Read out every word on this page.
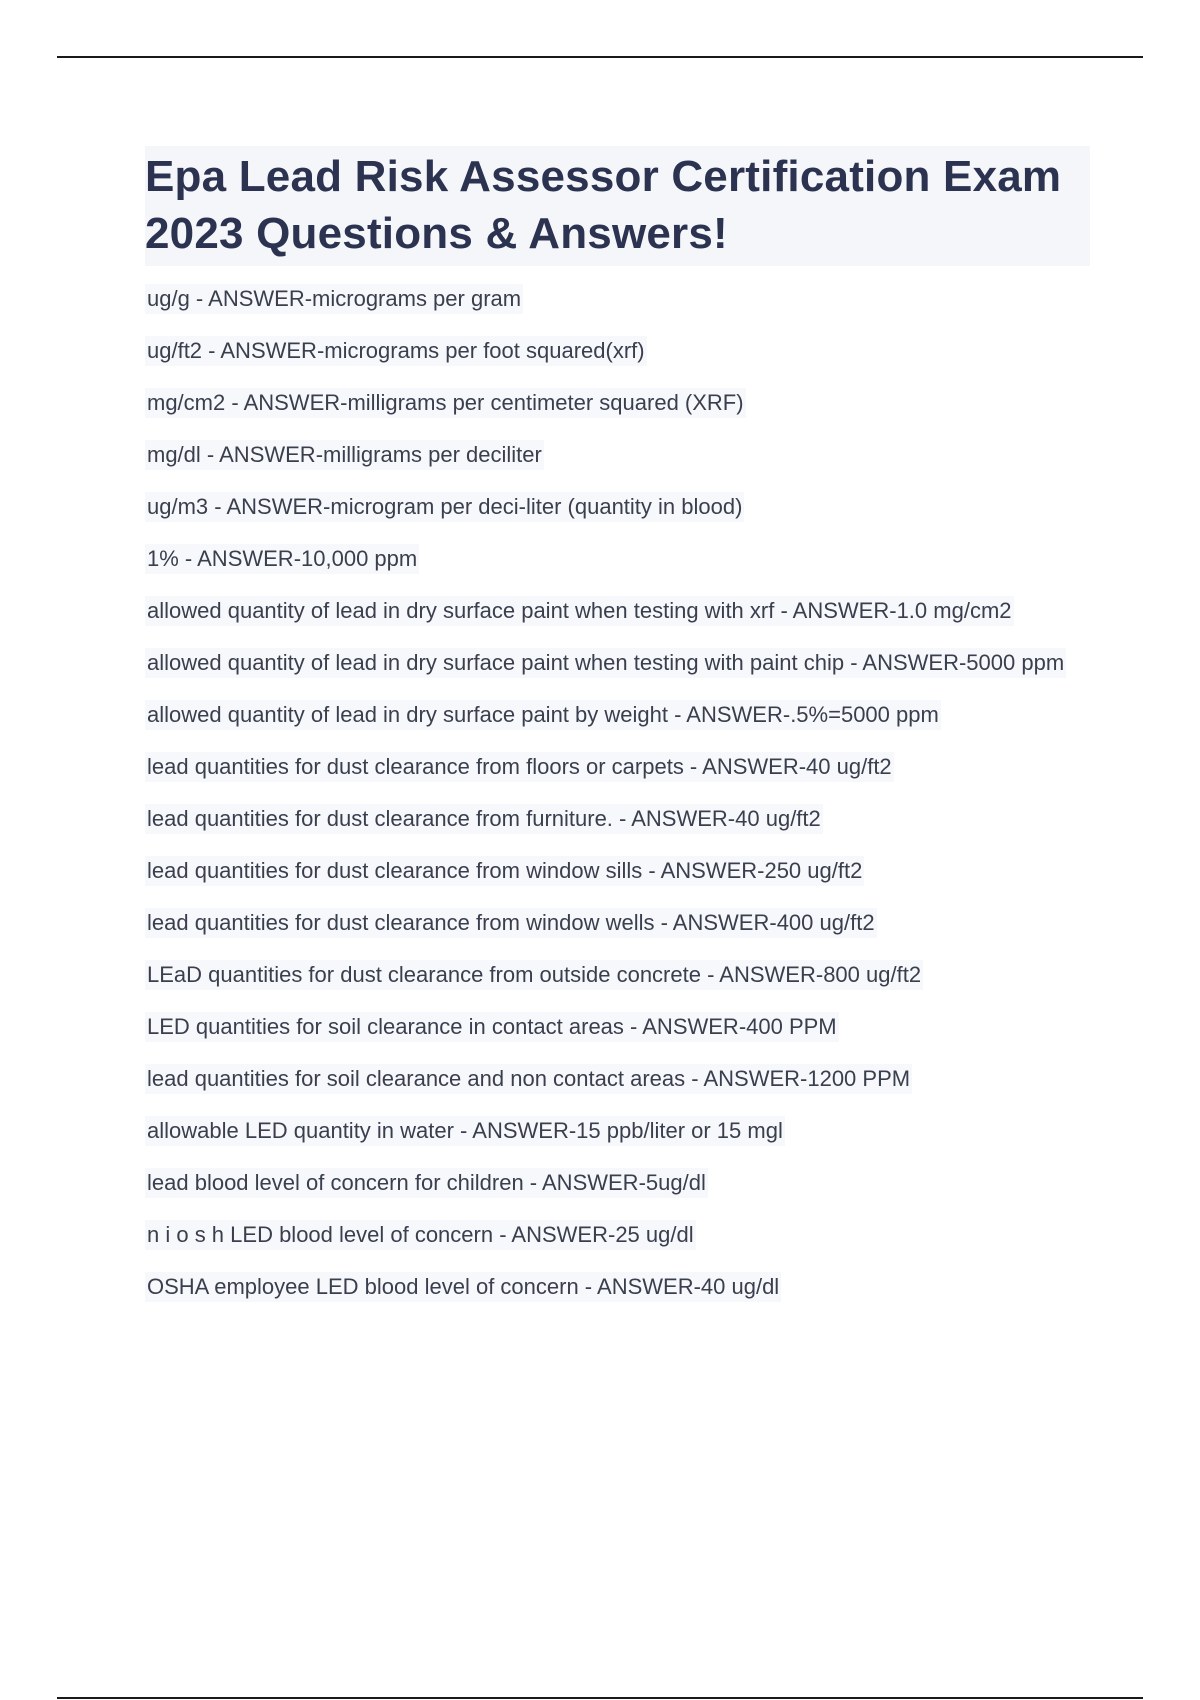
Epa Lead Risk Assessor Certification Exam 2023 Questions & Answers!
ug/g - ANSWER-micrograms per gram
ug/ft2 - ANSWER-micrograms per foot squared(xrf)
mg/cm2 - ANSWER-milligrams per centimeter squared (XRF)
mg/dl - ANSWER-milligrams per deciliter
ug/m3 - ANSWER-microgram per deci-liter (quantity in blood)
1% - ANSWER-10,000 ppm
allowed quantity of lead in dry surface paint when testing with xrf - ANSWER-1.0 mg/cm2
allowed quantity of lead in dry surface paint when testing with paint chip - ANSWER-5000 ppm
allowed quantity of lead in dry surface paint by weight - ANSWER-.5%=5000 ppm
lead quantities for dust clearance from floors or carpets - ANSWER-40 ug/ft2
lead quantities for dust clearance from furniture. - ANSWER-40 ug/ft2
lead quantities for dust clearance from window sills - ANSWER-250 ug/ft2
lead quantities for dust clearance from window wells - ANSWER-400 ug/ft2
LEaD quantities for dust clearance from outside concrete - ANSWER-800 ug/ft2
LED quantities for soil clearance in contact areas - ANSWER-400 PPM
lead quantities for soil clearance and non contact areas - ANSWER-1200 PPM
allowable LED quantity in water - ANSWER-15 ppb/liter or 15 mgl
lead blood level of concern for children - ANSWER-5ug/dl
n i o s h LED blood level of concern - ANSWER-25 ug/dl
OSHA employee LED blood level of concern - ANSWER-40 ug/dl
